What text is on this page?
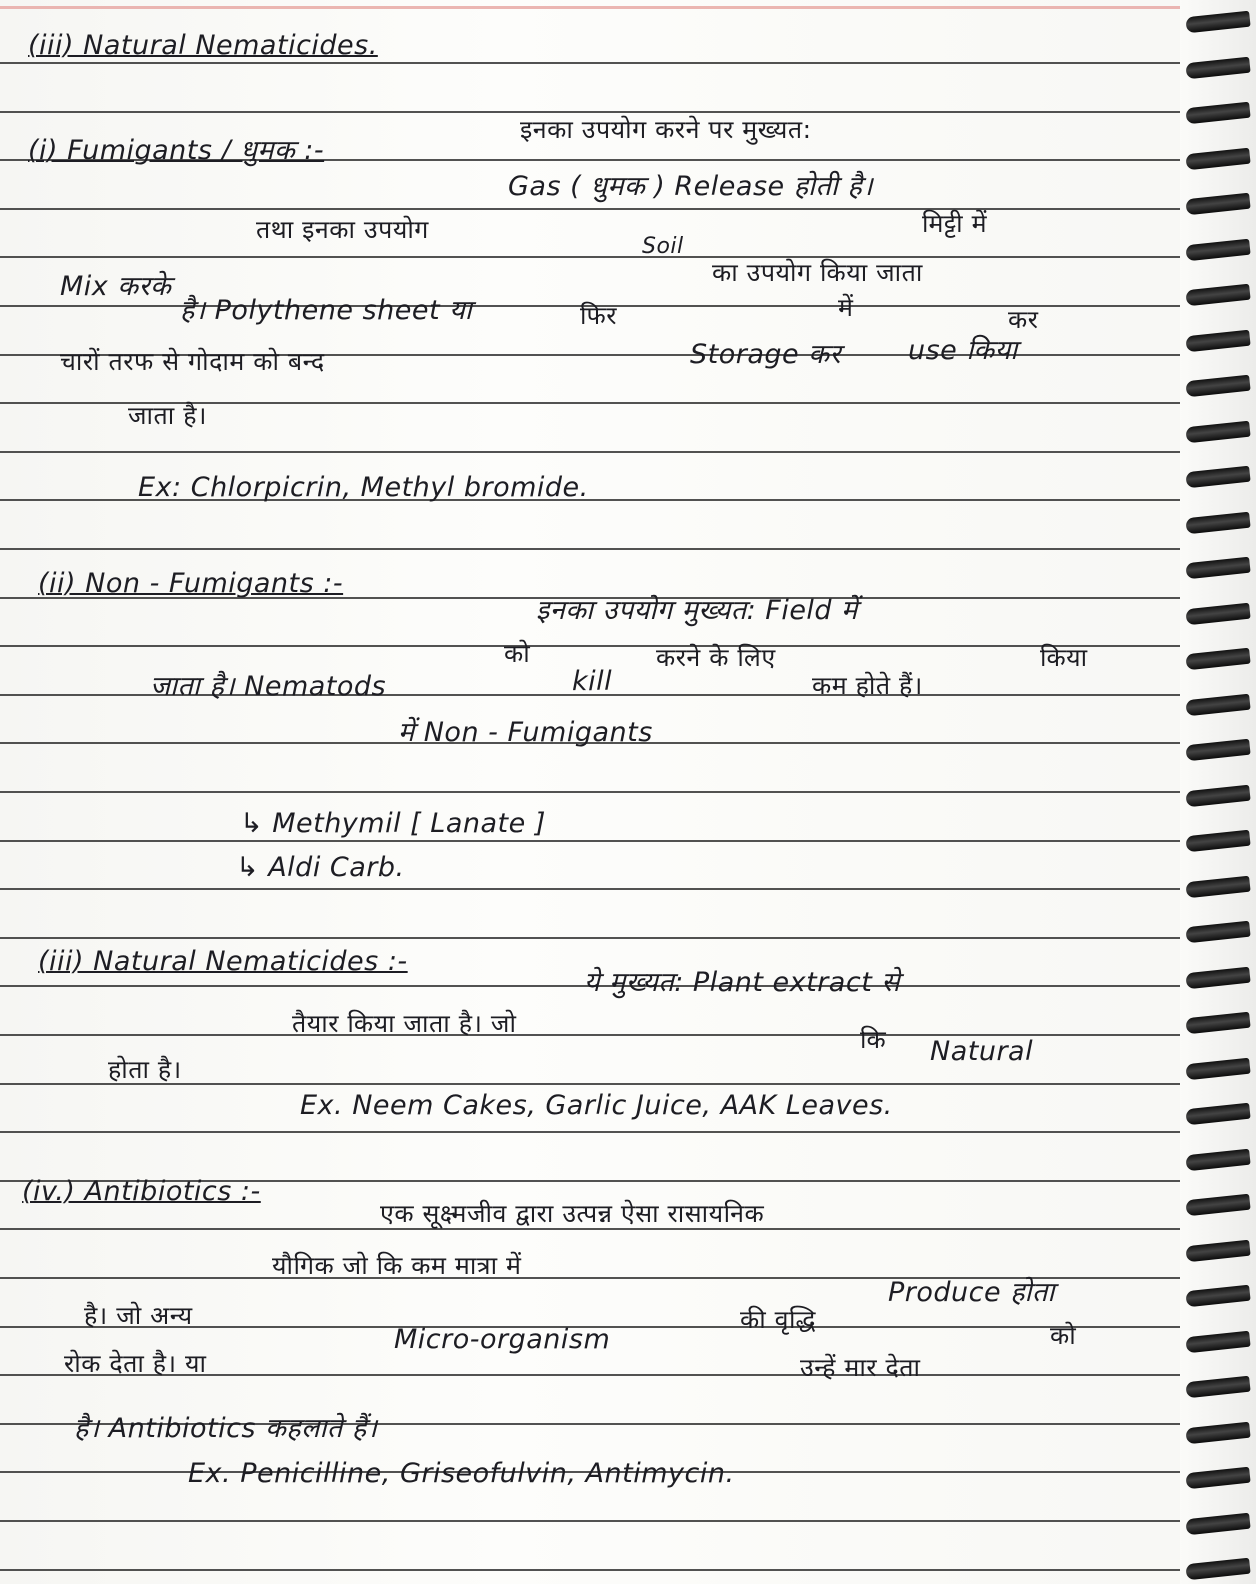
(iii) Natural Nematicides.
(i) Fumigants / धुमक :-
इनका उपयोग करने पर मुख्यत:
Gas ( धुमक ) Release होती है।
तथा इनका उपयोग	मिट्टी में
Mix करके
Soil
का उपयोग किया जाता
है। Polythene sheet या	फिर	में	कर
चारों तरफ से गोदाम को बन्द	Storage कर use किया
जाता है।
Ex: Chlorpicrin, Methyl bromide.
(ii) Non - Fumigants :-
इनका उपयोग मुख्यत: Field में
को	करने के लिए	किया
जाता है। Nematods	kill	कम होते हैं।
में Non - Fumigants
↳ Methymil [ Lanate ]
↳ Aldi Carb.
(iii) Natural Nematicides :-
ये मुख्यत: Plant extract से
तैयार किया जाता है। जो
कि Natural
होता है।
Ex. Neem Cakes, Garlic Juice, AAK Leaves.
(iv.) Antibiotics :-
एक सूक्ष्मजीव द्वारा उत्पन्न ऐसा रासायनिक
यौगिक जो कि कम मात्रा में
Produce होता
है। जो अन्य	की वृद्धि
को
रोक देता है। या
Micro-organism
उन्हें मार देता
है। Antibiotics कहलाते हैं।
Ex. Penicilline, Griseofulvin, Antimycin.
